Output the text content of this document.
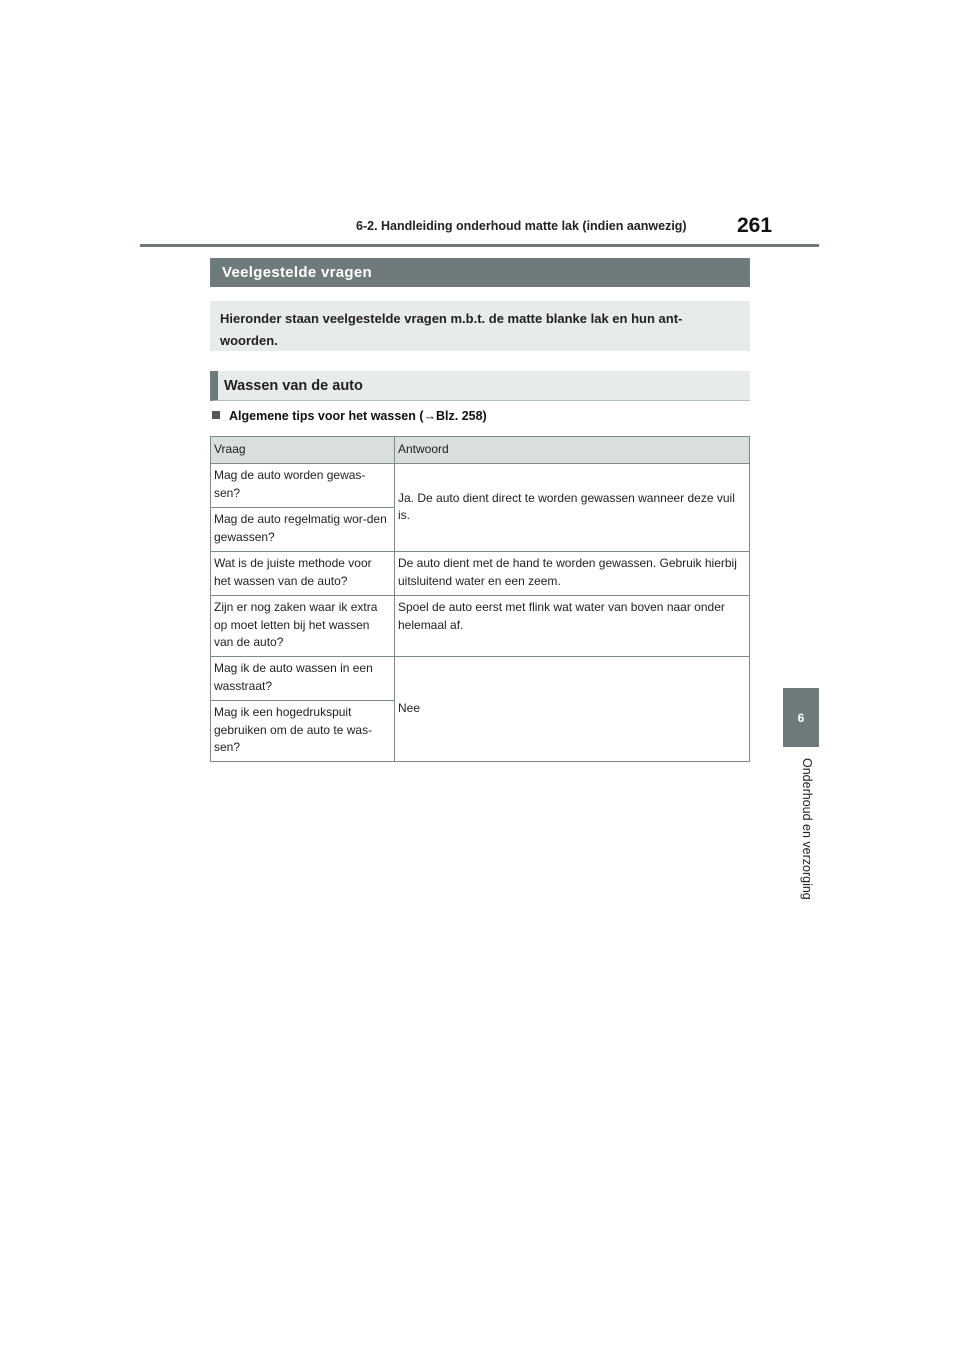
6-2. Handleiding onderhoud matte lak (indien aanwezig) 261
6
Onderhoud en verzorging
Veelgestelde vragen
Hieronder staan veelgestelde vragen m.b.t. de matte blanke lak en hun ant-woorden.
Wassen van de auto
Algemene tips voor het wassen (→Blz. 258)
Vraag	Antwoord
Mag de auto worden gewas-sen?	Ja. De auto dient direct te worden gewassen wanneer deze vuil is.
Mag de auto regelmatig wor-den gewassen?	
Wat is de juiste methode voor het wassen van de auto?	De auto dient met de hand te worden gewassen. Gebruik hierbij uitsluitend water en een zeem.
Zijn er nog zaken waar ik extra op moet letten bij het wassen van de auto?	Spoel de auto eerst met flink wat water van boven naar onder helemaal af.
Mag ik de auto wassen in een wasstraat?	Nee
Mag ik een hogedrukspuit gebruiken om de auto te was-sen?	
